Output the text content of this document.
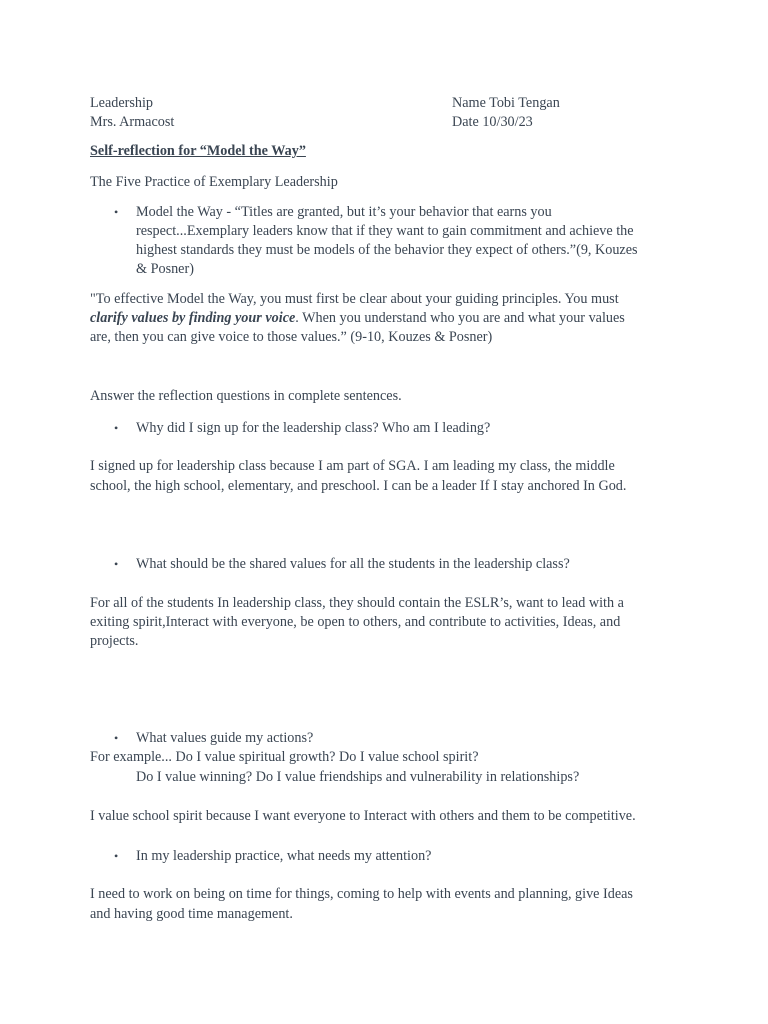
Leadership
Mrs. Armacost
Name Tobi Tengan
Date 10/30/23
Self-reflection for “Model the Way”
The Five Practice of Exemplary Leadership
• Model the Way - “Titles are granted, but it’s your behavior that earns you
respect...Exemplary leaders know that if they want to gain commitment and achieve the
highest standards they must be models of the behavior they expect of others.”(9, Kouzes
& Posner)
"To effective Model the Way, you must first be clear about your guiding principles. You must
clarify values by finding your voice. When you understand who you are and what your values
are, then you can give voice to those values.” (9-10, Kouzes & Posner)
Answer the reflection questions in complete sentences.
• Why did I sign up for the leadership class? Who am I leading?
I signed up for leadership class because I am part of SGA. I am leading my class, the middle
school, the high school, elementary, and preschool. I can be a leader If I stay anchored In God.
• What should be the shared values for all the students in the leadership class?
For all of the students In leadership class, they should contain the ESLR’s, want to lead with a
exiting spirit,Interact with everyone, be open to others, and contribute to activities, Ideas, and
projects.
• What values guide my actions?
For example... Do I value spiritual growth? Do I value school spirit?
Do I value winning? Do I value friendships and vulnerability in relationships?
I value school spirit because I want everyone to Interact with others and them to be competitive.
• In my leadership practice, what needs my attention?
I need to work on being on time for things, coming to help with events and planning, give Ideas
and having good time management.
